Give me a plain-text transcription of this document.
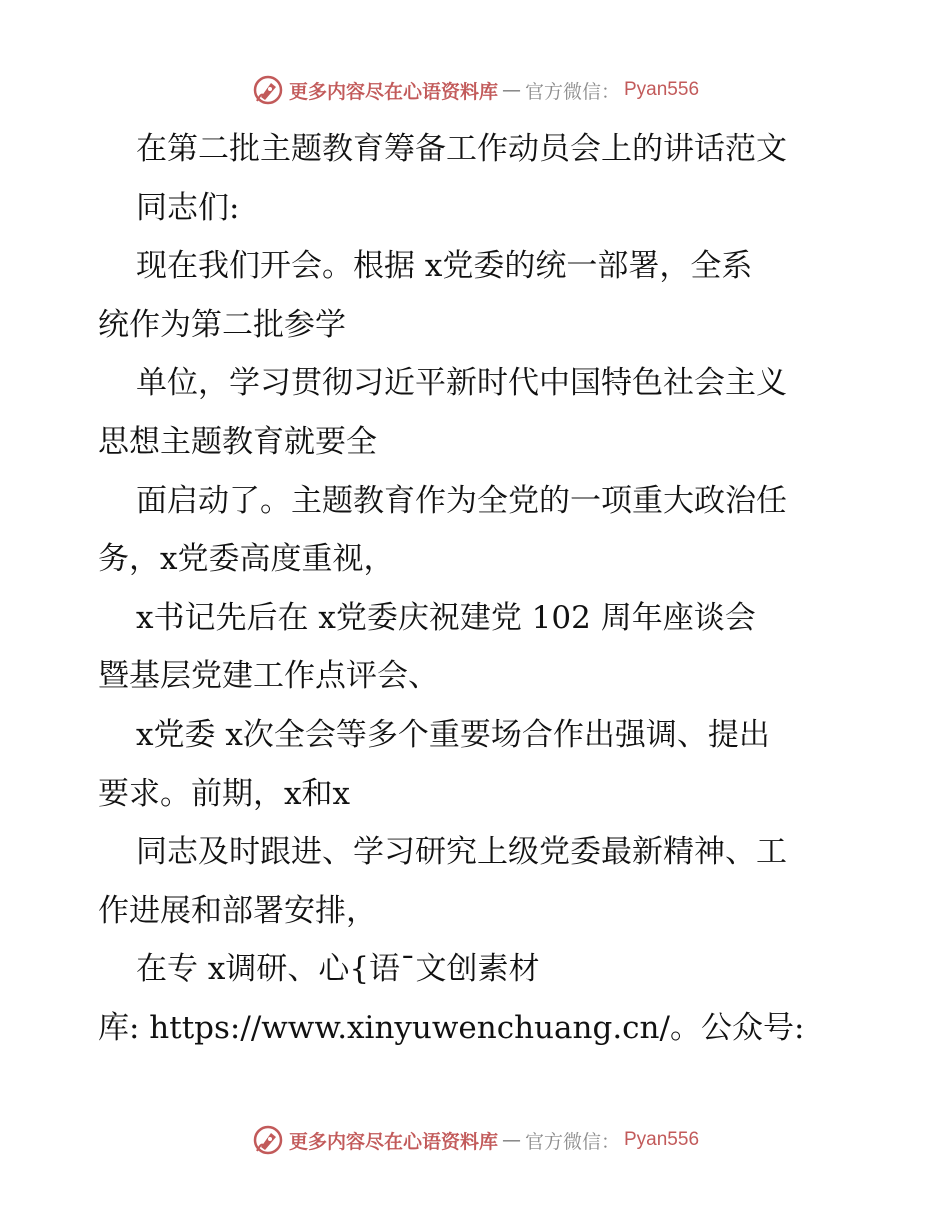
更多内容尽在心语资料库 — 官方微信： Pyan556
在第二批主题教育筹备工作动员会上的讲话范文
同志们:
现在我们开会。根据 x党委的统一部署，全系
统作为第二批参学
单位，学习贯彻习近平新时代中国特色社会主义
思想主题教育就要全
面启动了。主题教育作为全党的一项重大政治任
务，x党委高度重视，
x书记先后在 x党委庆祝建党 102 周年座谈会
暨基层党建工作点评会、
x党委 x次全会等多个重要场合作出强调、提出
要求。前期，x和x
同志及时跟进、学习研究上级党委最新精神、工
作进展和部署安排，
在专 x调研、心{语¯文创素材
库: https://www.xinyuwenchuang.cn/。公众号:
更多内容尽在心语资料库 — 官方微信： Pyan556
